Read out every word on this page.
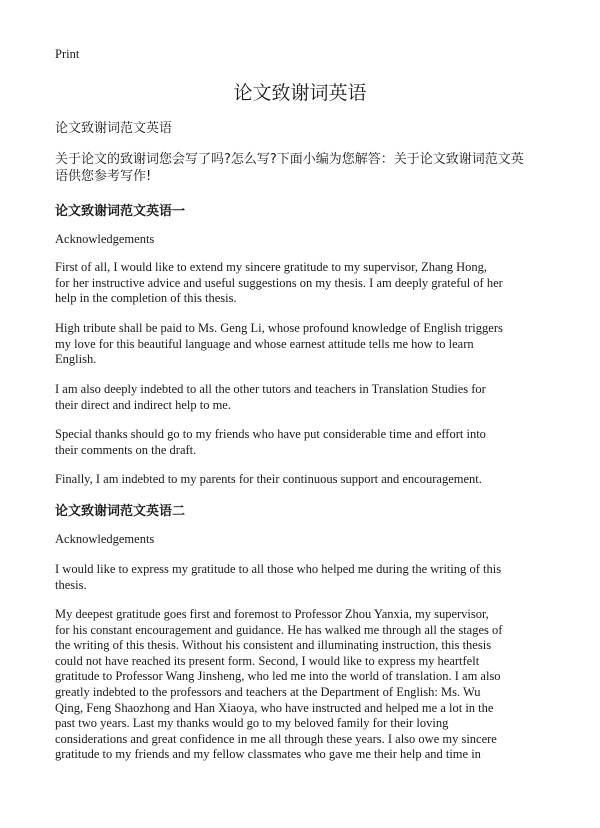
Print
论文致谢词英语
论文致谢词范文英语
关于论文的致谢词您会写了吗?怎么写?下面小编为您解答：关于论文致谢词范文英
语供您参考写作!
论文致谢词范文英语一
Acknowledgements
First of all, I would like to extend my sincere gratitude to my supervisor, Zhang Hong,
for her instructive advice and useful suggestions on my thesis. I am deeply grateful of her
help in the completion of this thesis.
High tribute shall be paid to Ms. Geng Li, whose profound knowledge of English triggers
my love for this beautiful language and whose earnest attitude tells me how to learn
English.
I am also deeply indebted to all the other tutors and teachers in Translation Studies for
their direct and indirect help to me.
Special thanks should go to my friends who have put considerable time and effort into
their comments on the draft.
Finally, I am indebted to my parents for their continuous support and encouragement.
论文致谢词范文英语二
Acknowledgements
I would like to express my gratitude to all those who helped me during the writing of this
thesis.
My deepest gratitude goes first and foremost to Professor Zhou Yanxia, my supervisor,
for his constant encouragement and guidance. He has walked me through all the stages of
the writing of this thesis. Without his consistent and illuminating instruction, this thesis
could not have reached its present form. Second, I would like to express my heartfelt
gratitude to Professor Wang Jinsheng, who led me into the world of translation. I am also
greatly indebted to the professors and teachers at the Department of English: Ms. Wu
Qing, Feng Shaozhong and Han Xiaoya, who have instructed and helped me a lot in the
past two years. Last my thanks would go to my beloved family for their loving
considerations and great confidence in me all through these years. I also owe my sincere
gratitude to my friends and my fellow classmates who gave me their help and time in
